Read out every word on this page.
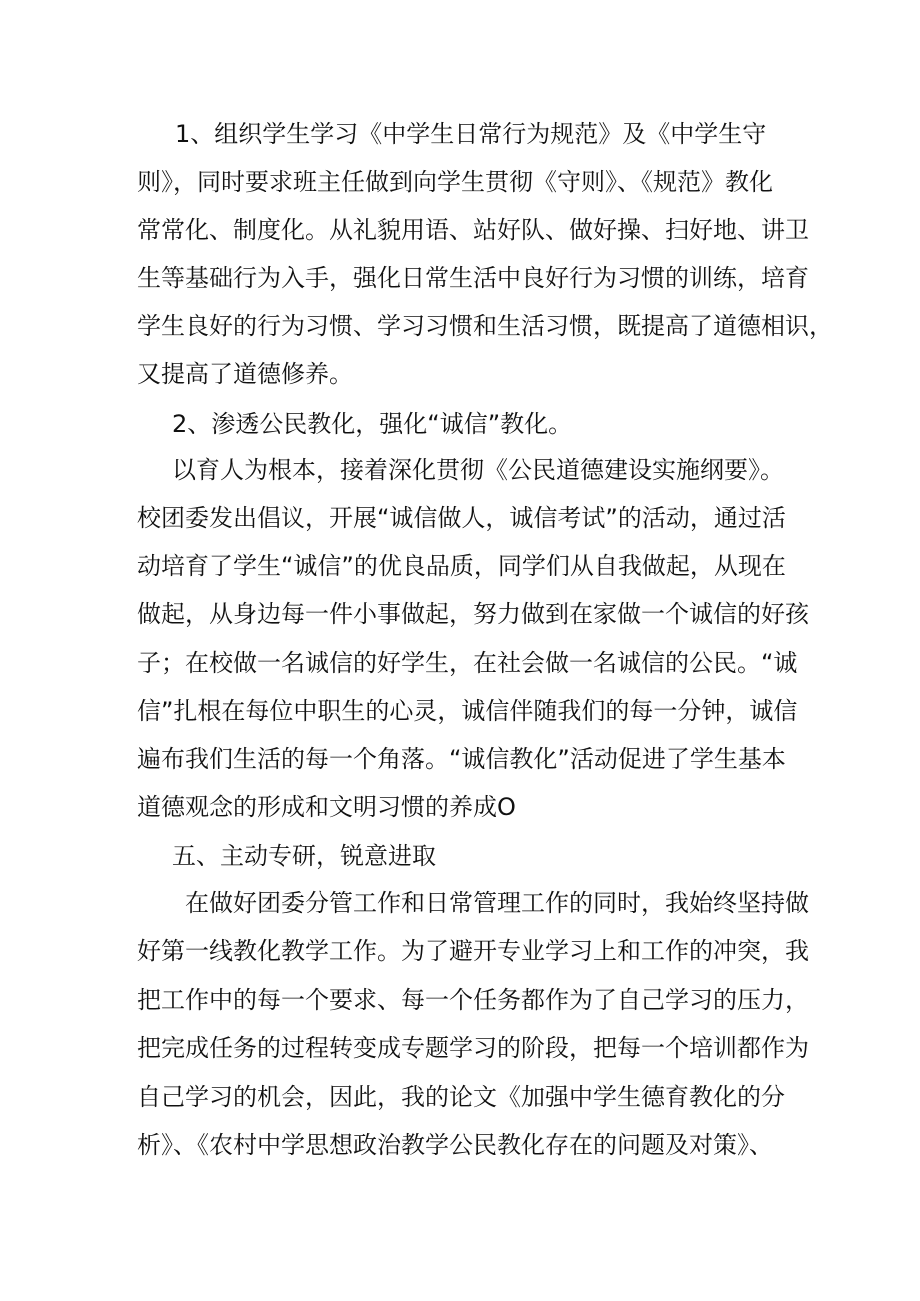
1、组织学生学习《中学生日常行为规范》及《中学生守
则》，同时要求班主任做到向学生贯彻《守则》、《规范》教化
常常化、制度化。从礼貌用语、站好队、做好操、扫好地、讲卫
生等基础行为入手，强化日常生活中良好行为习惯的训练，培育
学生良好的行为习惯、学习习惯和生活习惯，既提高了道德相识，
又提高了道德修养。
2、渗透公民教化，强化“诚信”教化。
以育人为根本，接着深化贯彻《公民道德建设实施纲要》。
校团委发出倡议，开展“诚信做人，诚信考试”的活动，通过活
动培育了学生“诚信”的优良品质，同学们从自我做起，从现在
做起，从身边每一件小事做起，努力做到在家做一个诚信的好孩
子；在校做一名诚信的好学生，在社会做一名诚信的公民。“诚
信”扎根在每位中职生的心灵，诚信伴随我们的每一分钟，诚信
遍布我们生活的每一个角落。“诚信教化”活动促进了学生基本
道德观念的形成和文明习惯的养成O
五、主动专研，锐意进取
在做好团委分管工作和日常管理工作的同时，我始终坚持做
好第一线教化教学工作。为了避开专业学习上和工作的冲突，我
把工作中的每一个要求、每一个任务都作为了自己学习的压力，
把完成任务的过程转变成专题学习的阶段，把每一个培训都作为
自己学习的机会，因此，我的论文《加强中学生德育教化的分
析》、《农村中学思想政治教学公民教化存在的问题及对策》、
